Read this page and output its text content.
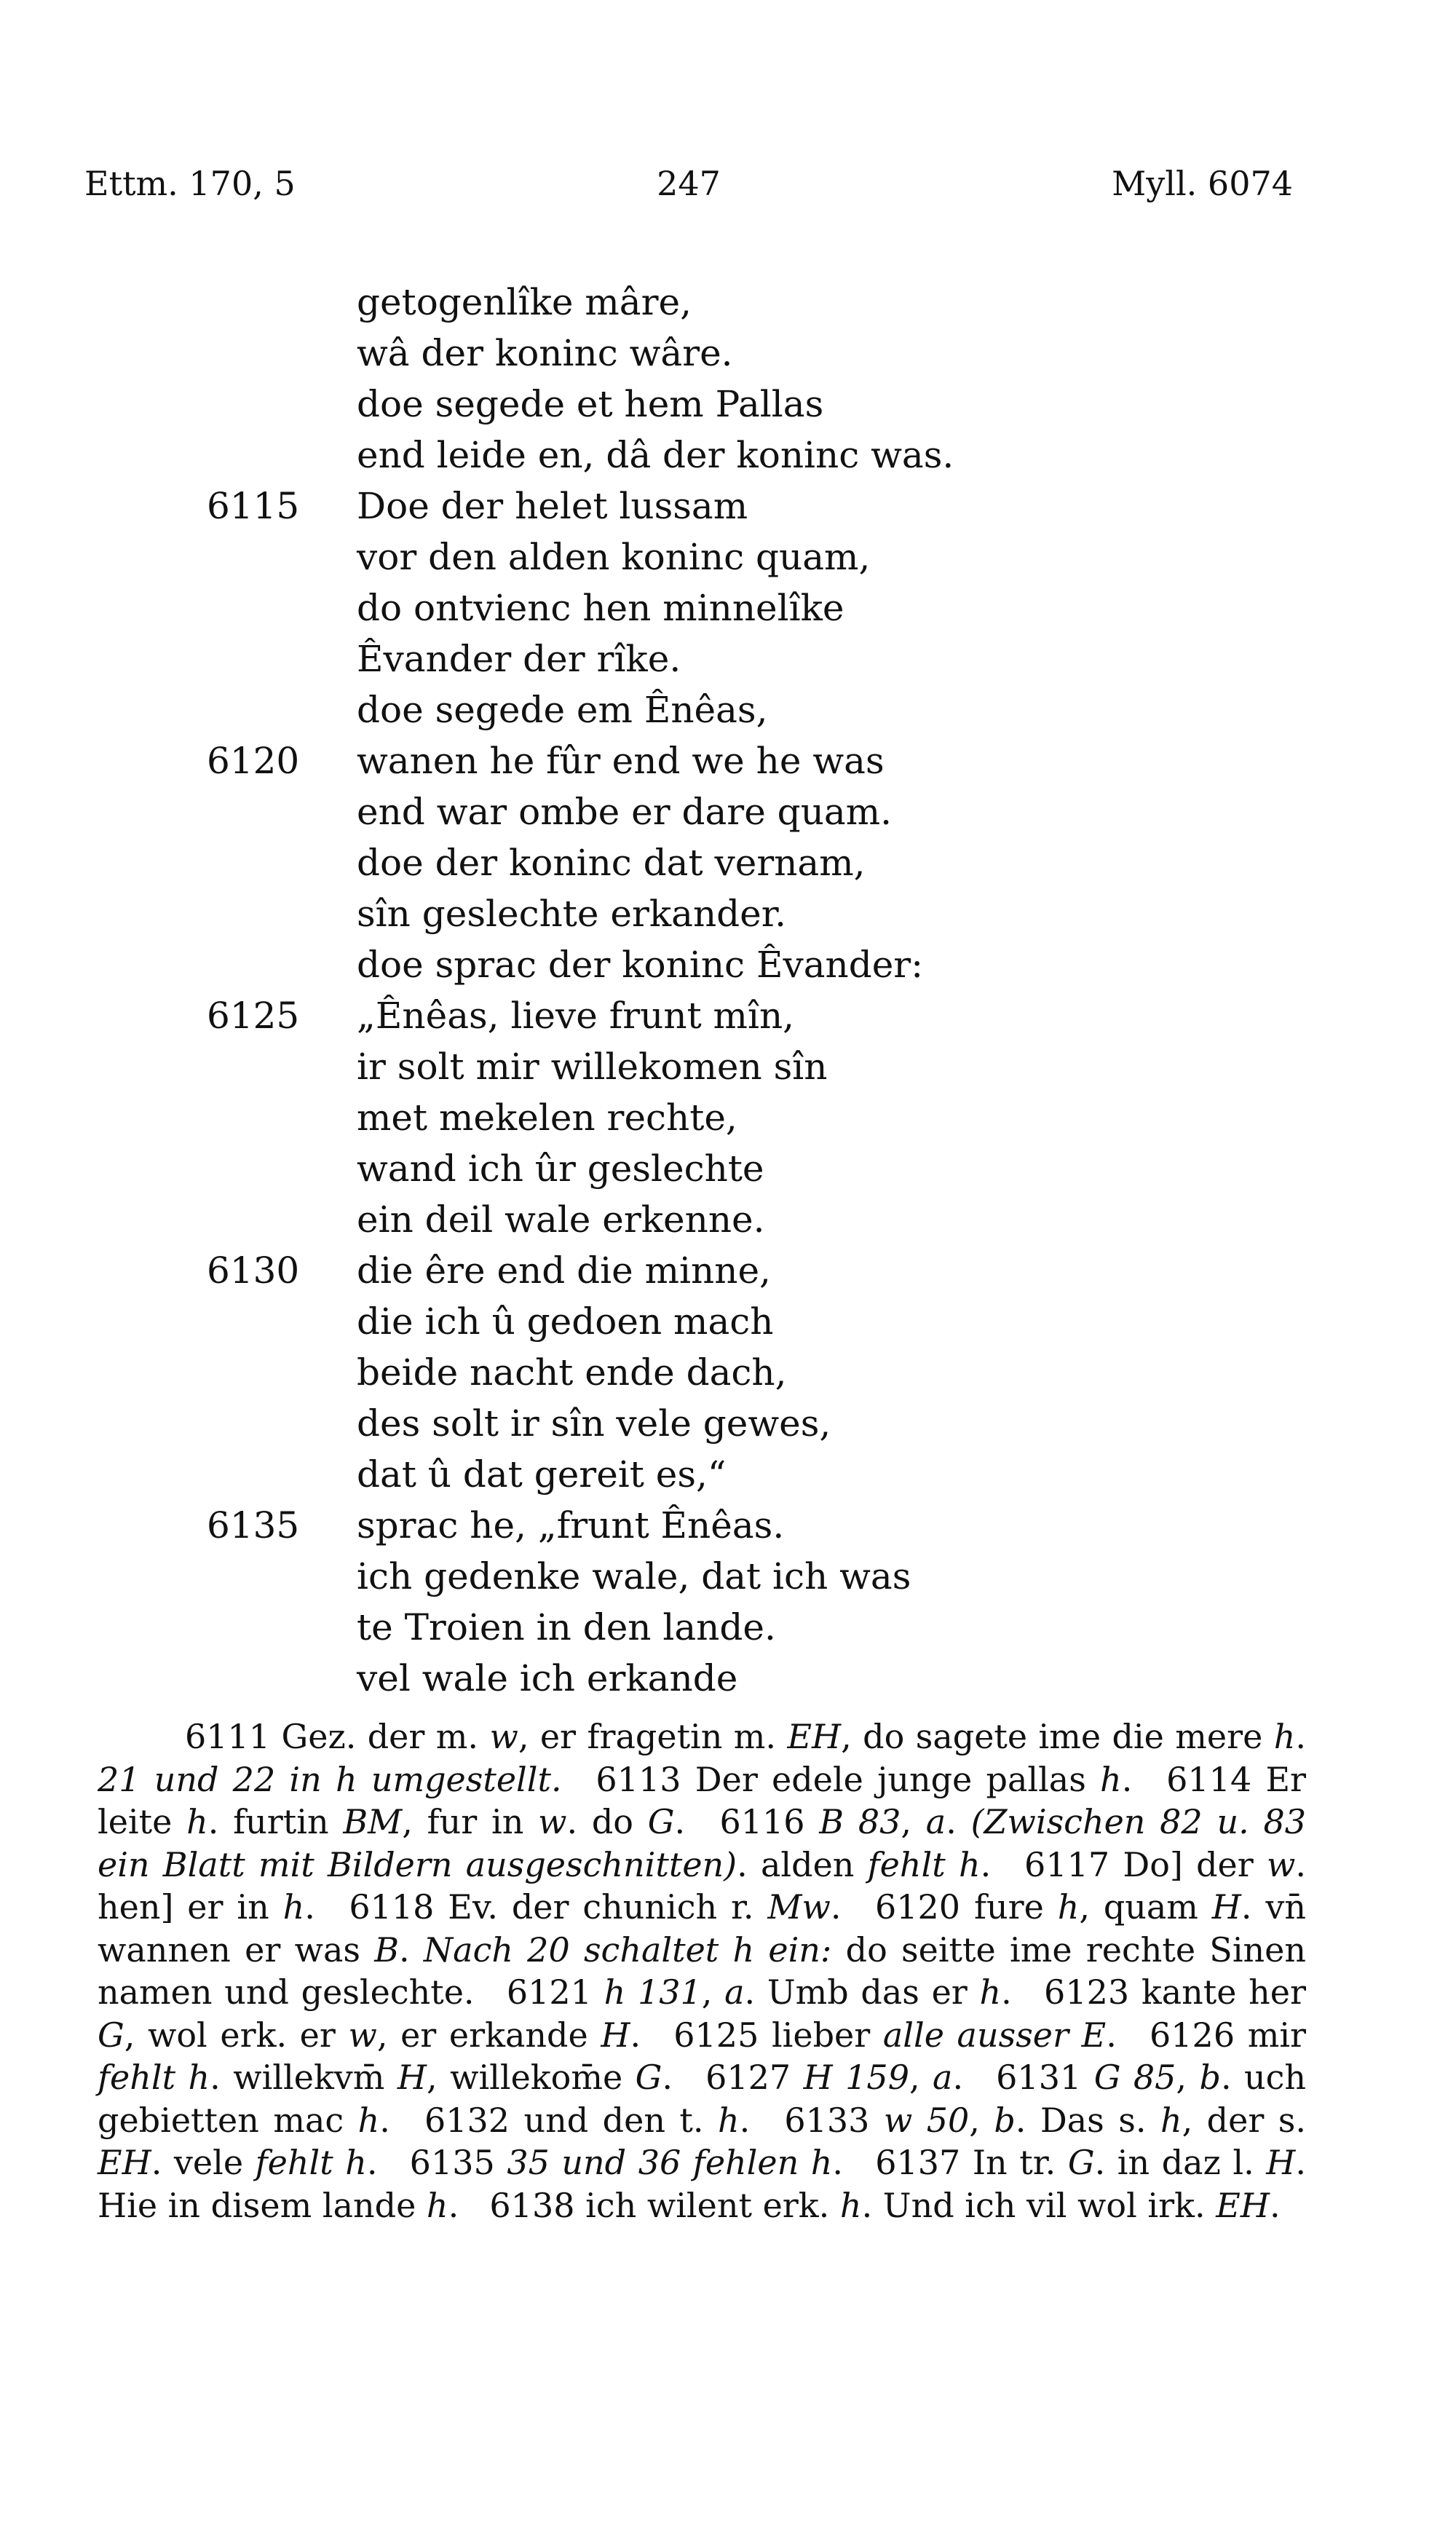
Ettm. 170, 5	247	Myll. 6074
getogenlîke mâre,
wâ der koninc wâre.
doe segede et hem Pallas
end leide en, dâ der koninc was.
6115 Doe der helet lussam
vor den alden koninc quam,
do ontvienc hen minnelîke
Êvander der rîke.
doe segede em Ênêas,
6120 wanen he fûr end we he was
end war ombe er dare quam.
doe der koninc dat vernam,
sîn geslechte erkander.
doe sprac der koninc Êvander:
6125 „Ênêas, lieve frunt mîn,
ir solt mir willekomen sîn
met mekelen rechte,
wand ich ûr geslechte
ein deil wale erkenne.
6130 die êre end die minne,
die ich û gedoen mach
beide nacht ende dach,
des solt ir sîn vele gewes,
dat û dat gereit es,“
6135 sprac he, „frunt Ênêas.
ich gedenke wale, dat ich was
te Troien in den lande.
vel wale ich erkande
6111 Gez. der m. w, er fragetin m. EH, do sagete ime die mere h. 21 und 22 in h umgestellt. 6113 Der edele junge pallas h. 6114 Er leite h. furtin BM, fur in w. do G. 6116 B 83, a. (Zwischen 82 u. 83 ein Blatt mit Bildern ausgeschnitten). alden fehlt h. 6117 Do] der w. hen] er in h. 6118 Ev. der chunich r. Mw. 6120 fure h, quam H. vn̄ wannen er was B. Nach 20 schaltet h ein: do seitte ime rechte Sinen namen und geslechte. 6121 h 131, a. Umb das er h. 6123 kante her G, wol erk. er w, er erkande H. 6125 lieber alle ausser E. 6126 mir fehlt h. willekvm̄ H, willekom̄e G. 6127 H 159, a. 6131 G 85, b. uch gebietten mac h. 6132 und den t. h. 6133 w 50, b. Das s. h, der s. EH. vele fehlt h. 6135 35 und 36 fehlen h. 6137 In tr. G. in daz l. H. Hie in disem lande h. 6138 ich wilent erk. h. Und ich vil wol irk. EH.
